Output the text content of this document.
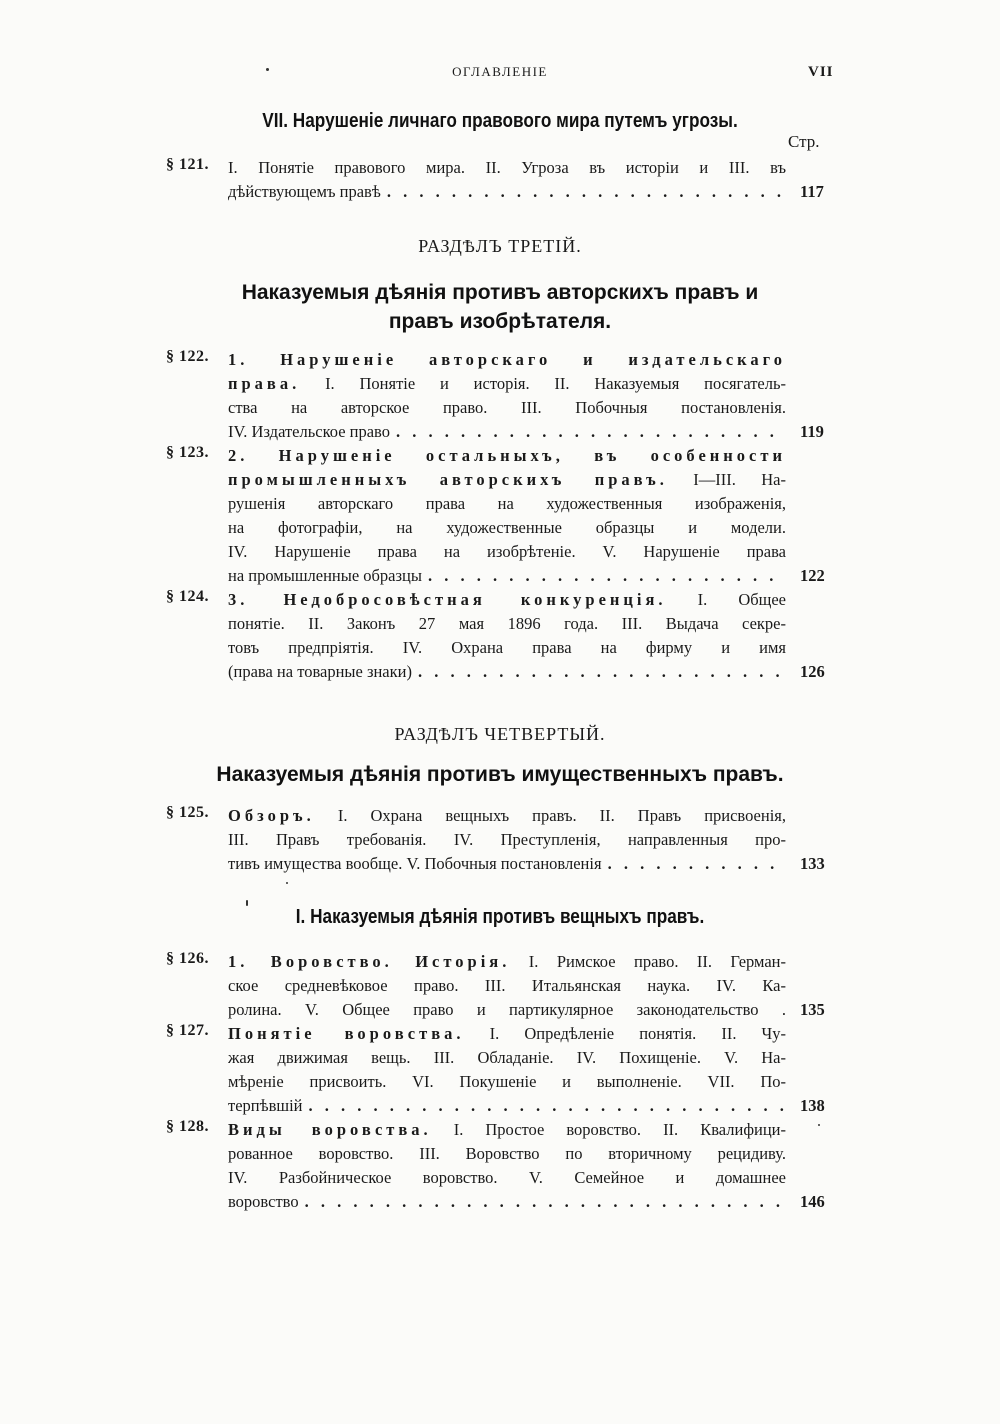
ОГЛАВЛЕНІЕ	VII
VII. Нарушеніе личнаго правового мира путемъ угрозы.
Стр.
§ 121. I. Понятіе правового мира. II. Угроза въ исторіи и III. въ
дѣйствующемъ правѣ . . .	117
РАЗДѢЛЪ ТРЕТІЙ.
Наказуемыя дѣянія противъ авторскихъ правъ и
правъ изобрѣтателя.
§ 122. 1. Нарушеніе авторскаго и издательскаго
права. I. Понятіе и исторія. II. Наказуемыя посягатель-
ства на авторское право. III. Побочныя постановленія.
IV. Издательское право . . .	119
§ 123. 2. Нарушеніе остальныхъ, въ особенности
промышленныхъ авторскихъ правъ. I—III. На-
рушенія авторскаго права на художественныя изображенія,
на фотографіи, на художественные образцы и модели.
IV. Нарушеніе права на изобрѣтеніе. V. Нарушеніе права
на промышленные образцы . . .	122
§ 124. 3. Недобросовѣстная конкуренція. I. Общее
понятіе. II. Законъ 27 мая 1896 года. III. Выдача секре-
товъ предпріятія. IV. Охрана права на фирму и имя
(права на товарные знаки) . . .	126
РАЗДѢЛЪ ЧЕТВЕРТЫЙ.
Наказуемыя дѣянія противъ имущественныхъ правъ.
§ 125. Обзоръ. I. Охрана вещныхъ правъ. II. Правъ присвоенія,
III. Правъ требованія. IV. Преступленія, направленныя про-
тивъ имущества вообще. V. Побочныя постановленія . . .	133
I. Наказуемыя дѣянія противъ вещныхъ правъ.
§ 126. 1. Воровство. Исторія. I. Римское право. II. Герман-
ское средневѣковое право. III. Итальянская наука. IV. Ка-
ролина. V. Общее право и партикулярное законодательство . 135
§ 127. Понятіе воровства. I. Опредѣленіе понятія. II. Чу-
жая движимая вещь. III. Обладаніе. IV. Похищеніе. V. На-
мѣреніе присвоить. VI. Покушеніе и выполненіе. VII. По-
терпѣвшій . . .	138
§ 128. Виды воровства. I. Простое воровство. II. Квалифици-
рованное воровство. III. Воровство по вторичному рецидиву.
IV. Разбойническое воровство. V. Семейное и домашнее
воровство . . .	146
